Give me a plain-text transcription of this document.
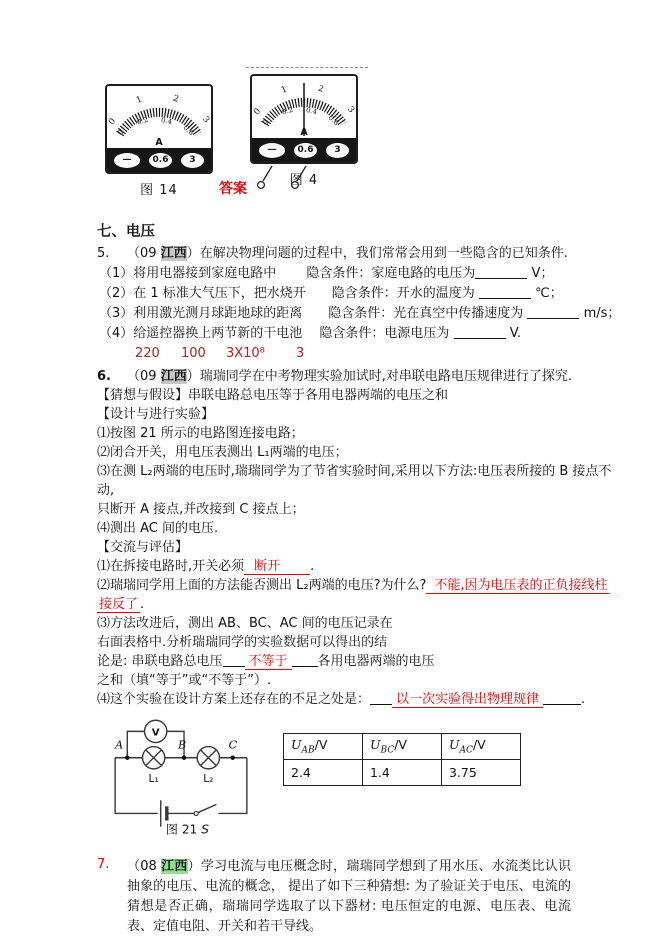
0
1	2
3
0
0.2 0.4
0.6
A
—	0.6	3
图 14
0
1	2
3
0
0.2 0.4
0.6
A
—	0.6	3
图 4
答案
七、电压
5. （09 江西）在解决物理问题的过程中，我们常常会用到一些隐含的已知条件.
（1）将用电器接到家庭电路中　　 隐含条件：家庭电路的电压为	V；
（2）在 1 标准大气压下，把水烧开　　隐含条件：开水的温度为	℃；
（3）利用激光测月球距地球的距离　　隐含条件：光在真空中传播速度为	m/s；
（4）给遥控器换上两节新的干电池　 隐含条件：电源电压为	V.
220 100 3X10⁸ 3
6. （09 江西）瑞瑞同学在中考物理实验加试时,对串联电路电压规律进行了探究.
【猜想与假设】串联电路总电压等于各用电器两端的电压之和
【设计与进行实验】
⑴按图 21 所示的电路图连接电路；
⑵闭合开关，用电压表测出 L₁两端的电压；
⑶在测 L₂两端的电压时,瑞瑞同学为了节省实验时间,采用以下方法:电压表所接的 B 接点不
动,
只断开 A 接点,并改接到 C 接点上；
⑷测出 AC 间的电压.
【交流与评估】
⑴在拆接电路时,开关必须 断开 .
⑵瑞瑞同学用上面的方法能否测出 L₂两端的电压?为什么? 不能,因为电压表的正负接线柱
接反了 .
⑶方法改进后，测出 AB、BC、AC 间的电压记录在
右面表格中.分析瑞瑞同学的实验数据可以得出的结
论是: 串联电路总电压 不等于 各用电器两端的电压
之和（填“等于”或“不等于”）.
⑷这个实验在设计方案上还存在的不足之处是： 以一次实验得出物理规律	.
V
A	B	C
L₁	L₂
图 21 S
$U_{AB}/V$	$U_{BC}/V$	$U_{AC}/V$
2.4	1.4	3.75
7.	（08 江西）学习电流与电压概念时，瑞瑞同学想到了用水压、水流类比认识抽象的电压、电流的概念， 提出了如下三种猜想: 为了验证关于电压、电流的猜想是否正确，瑞瑞同学选取了以下器材: 电压恒定的电源、电压表、电流表、定值电阻、开关和若干导线。
